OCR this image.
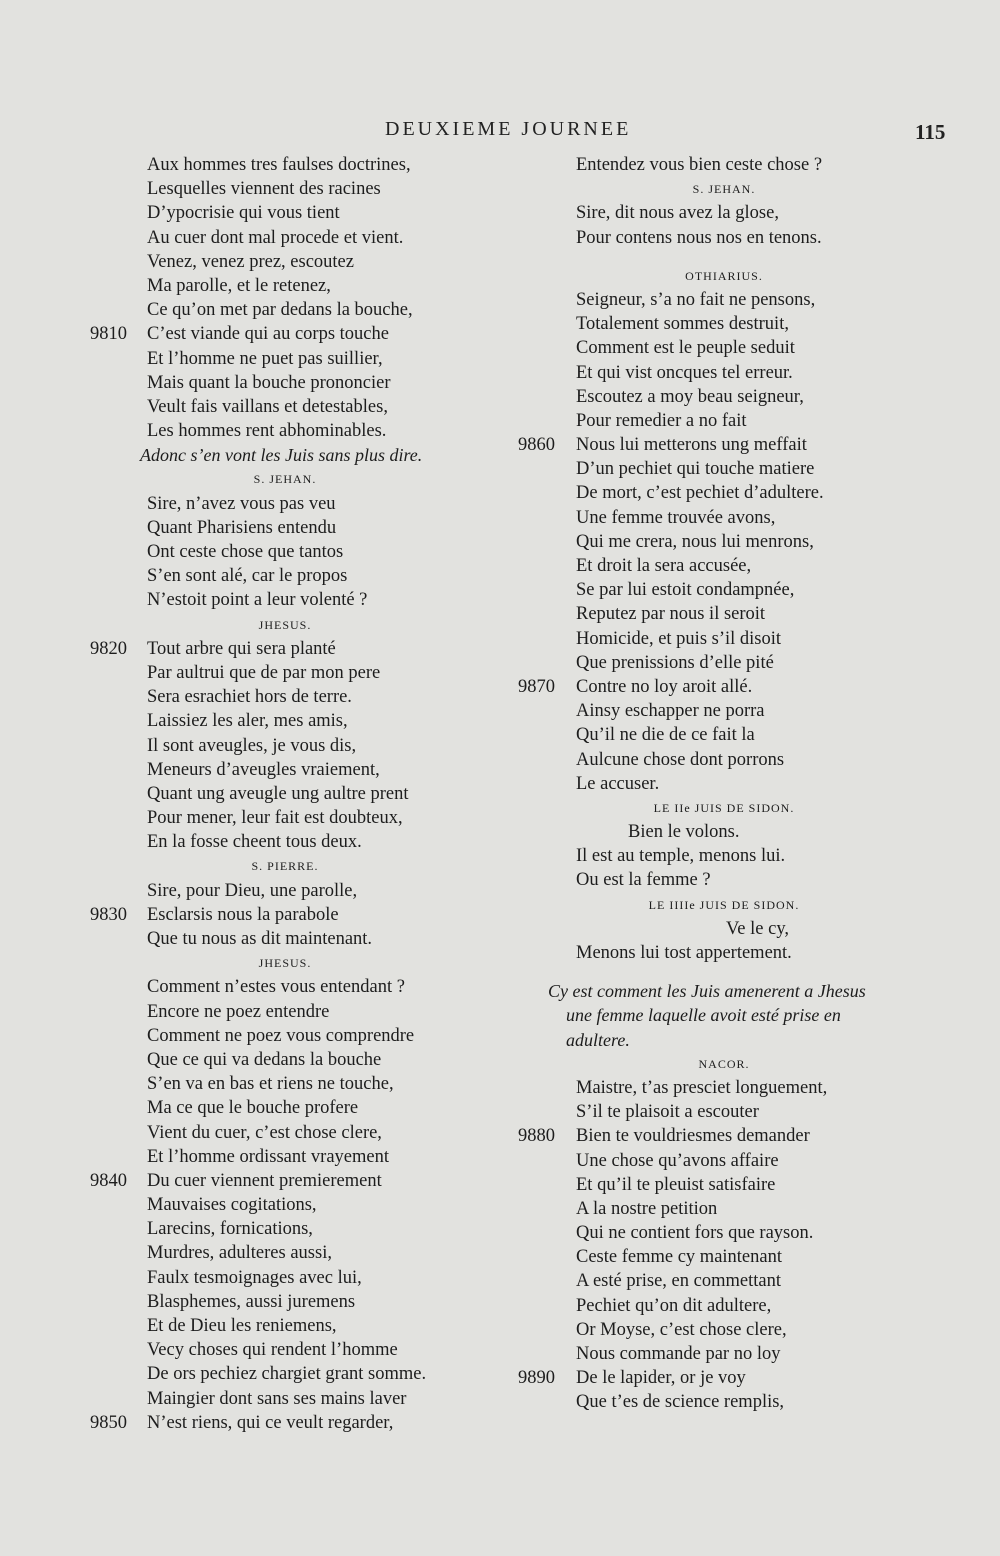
DEUXIEME JOURNEE	115
Aux hommes tres faulses doctrines,
Lesquelles viennent des racines
D’ypocrisie qui vous tient
Au cuer dont mal procede et vient.
Venez, venez prez, escoutez
Ma parolle, et le retenez,
Ce qu’on met par dedans la bouche,
9810 C’est viande qui au corps touche
Et l’homme ne puet pas suillier,
Mais quant la bouche prononcier
Veult fais vaillans et detestables,
Les hommes rent abhominables.
Adonc s’en vont les Juis sans plus dire.
S. JEHAN.
Sire, n’avez vous pas veu
Quant Pharisiens entendu
Ont ceste chose que tantos
S’en sont alé, car le propos
N’estoit point a leur volenté ?
JHESUS.
9820 Tout arbre qui sera planté
Par aultrui que de par mon pere
Sera esrachiet hors de terre.
Laissiez les aler, mes amis,
Il sont aveugles, je vous dis,
Meneurs d’aveugles vraiement,
Quant ung aveugle ung aultre prent
Pour mener, leur fait est doubteux,
En la fosse cheent tous deux.
S. PIERRE.
Sire, pour Dieu, une parolle,
9830 Esclarsis nous la parabole
Que tu nous as dit maintenant.
JHESUS.
Comment n’estes vous entendant ?
Encore ne poez entendre
Comment ne poez vous comprendre
Que ce qui va dedans la bouche
S’en va en bas et riens ne touche,
Ma ce que le bouche profere
Vient du cuer, c’est chose clere,
Et l’homme ordissant vrayement
9840 Du cuer viennent premierement
Mauvaises cogitations,
Larecins, fornications,
Murdres, adulteres aussi,
Faulx tesmoignages avec lui,
Blasphemes, aussi juremens
Et de Dieu les reniemens,
Vecy choses qui rendent l’homme
De ors pechiez chargiet grant somme.
Maingier dont sans ses mains laver
9850 N’est riens, qui ce veult regarder,
Entendez vous bien ceste chose ?
S. JEHAN.
Sire, dit nous avez la glose,
Pour contens nous nos en tenons.
OTHIARIUS.
Seigneur, s’a no fait ne pensons,
Totalement sommes destruit,
Comment est le peuple seduit
Et qui vist oncques tel erreur.
Escoutez a moy beau seigneur,
Pour remedier a no fait
9860 Nous lui metterons ung meffait
D’un pechiet qui touche matiere
De mort, c’est pechiet d’adultere.
Une femme trouvée avons,
Qui me crera, nous lui menrons,
Et droit la sera accusée,
Se par lui estoit condampnée,
Reputez par nous il seroit
Homicide, et puis s’il disoit
Que prenissions d’elle pité
9870 Contre no loy aroit allé.
Ainsy eschapper ne porra
Qu’il ne die de ce fait la
Aulcune chose dont porrons
Le accuser.
LE IIe JUIS DE SIDON.
Bien le volons.
Il est au temple, menons lui.
Ou est la femme ?
LE IIIIe JUIS DE SIDON.
Ve le cy,
Menons lui tost appertement.
Cy est comment les Juis amenerent a Jhesus
une femme laquelle avoit esté prise en
adultere.
NACOR.
Maistre, t’as presciet longuement,
S’il te plaisoit a escouter
9880 Bien te vouldriesmes demander
Une chose qu’avons affaire
Et qu’il te pleuist satisfaire
A la nostre petition
Qui ne contient fors que rayson.
Ceste femme cy maintenant
A esté prise, en commettant
Pechiet qu’on dit adultere,
Or Moyse, c’est chose clere,
Nous commande par no loy
9890 De le lapider, or je voy
Que t’es de science remplis,
